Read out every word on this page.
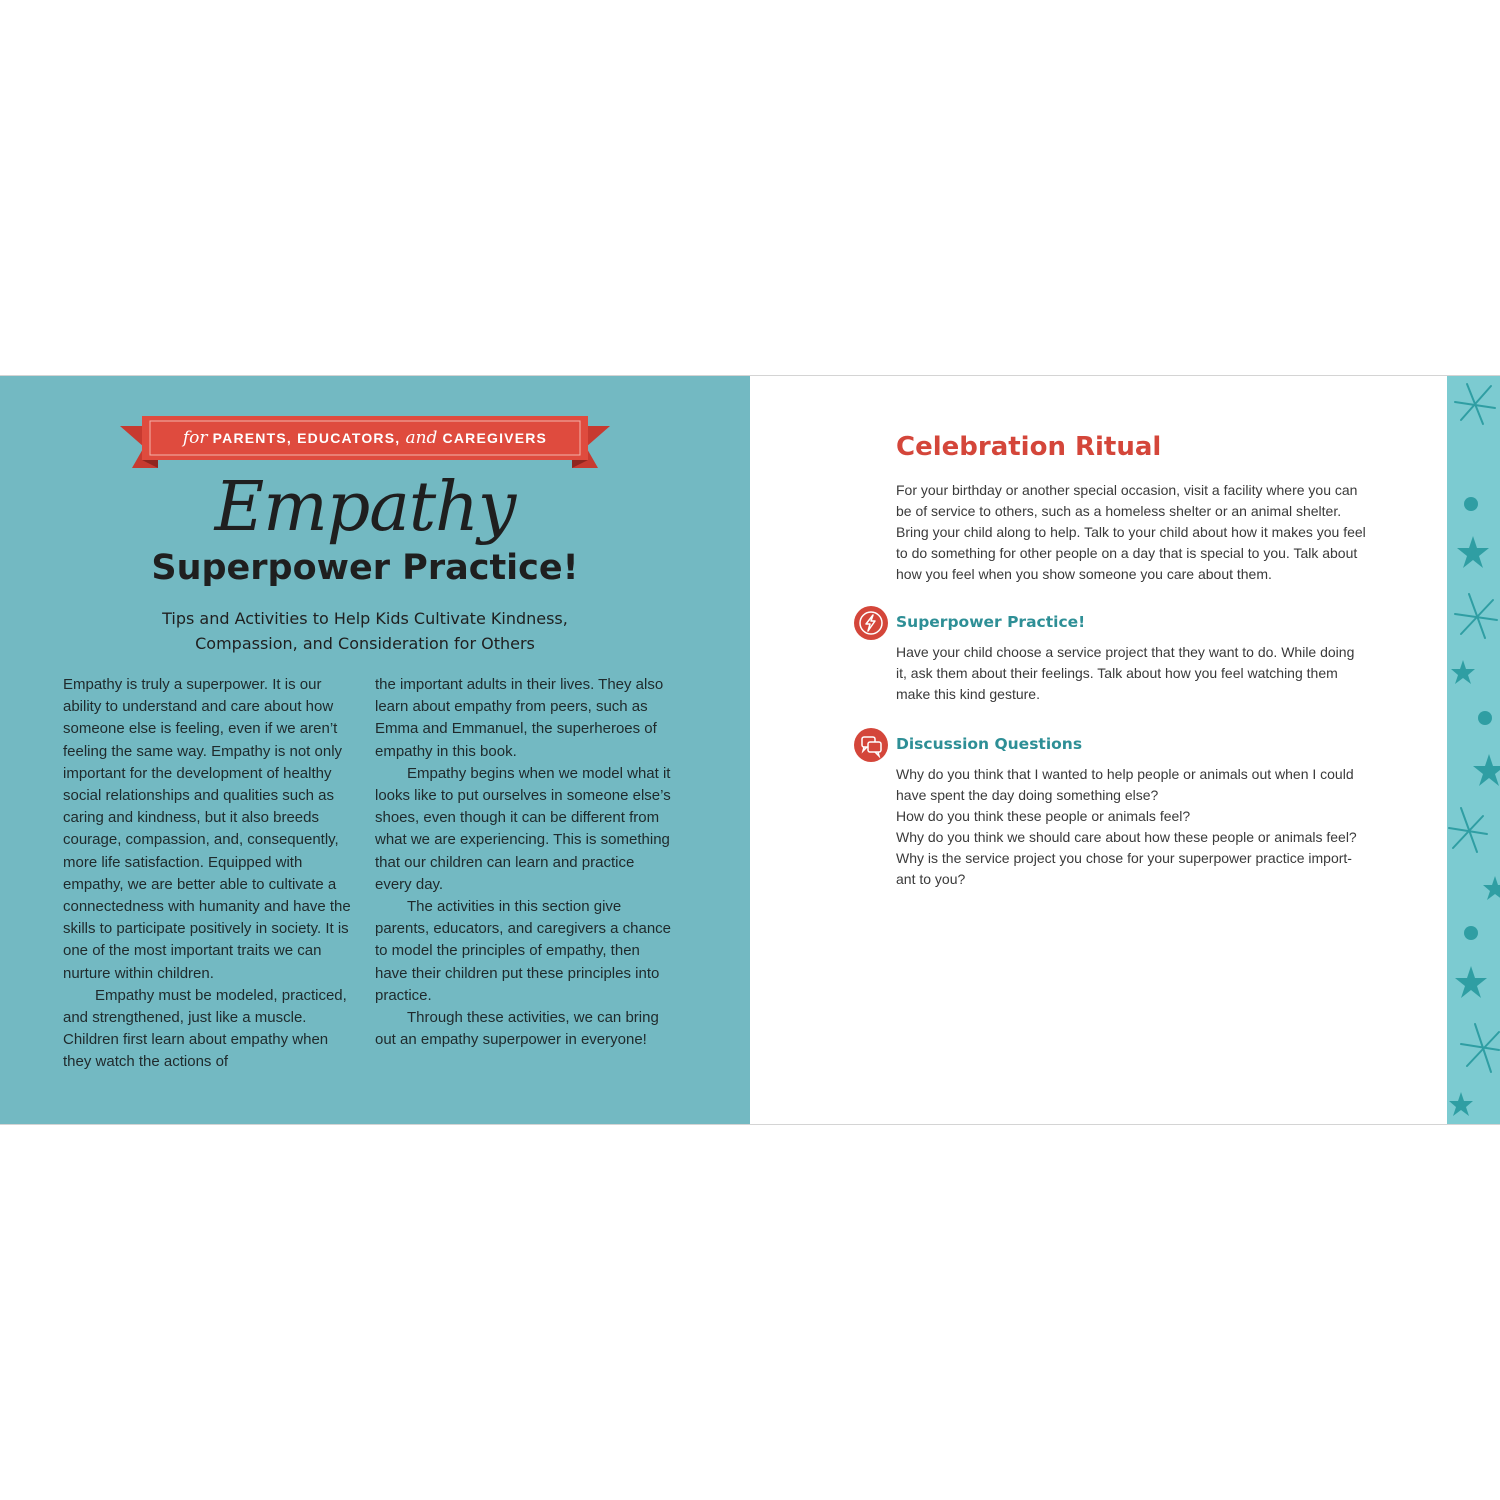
for PARENTS, EDUCATORS, and CAREGIVERS
Empathy
Superpower Practice!
Tips and Activities to Help Kids Cultivate Kindness,
Compassion, and Consideration for Others

Empathy is truly a superpower. It is our ability to understand and care about how someone else is feeling, even if we aren’t feeling the same way. Empathy is not only important for the development of healthy social relationships and qualities such as caring and kindness, but it also breeds courage, compassion, and, consequently, more life satisfaction. Equipped with empathy, we are better able to cultivate a connectedness with humanity and have the skills to participate positively in society. It is one of the most important traits we can nurture within children.

Empathy must be modeled, practiced, and strengthened, just like a muscle. Children first learn about empathy when they watch the actions of

the important adults in their lives. They also learn about empathy from peers, such as Emma and Emmanuel, the superheroes of empathy in this book.

Empathy begins when we model what it looks like to put ourselves in someone else’s shoes, even though it can be different from what we are experiencing. This is something that our children can learn and practice every day.

The activities in this section give parents, educators, and caregivers a chance to model the principles of empathy, then have their children put these principles into practice.

Through these activities, we can bring out an empathy superpower in everyone!

Celebration Ritual

For your birthday or another special occasion, visit a facility where you can be of service to others, such as a homeless shelter or an animal shelter. Bring your child along to help. Talk to your child about how it makes you feel to do something for other people on a day that is special to you. Talk about how you feel when you show someone you care about them.

Superpower Practice!

Have your child choose a service project that they want to do. While doing it, ask them about their feelings. Talk about how you feel watching them make this kind gesture.

Discussion Questions

Why do you think that I wanted to help people or animals out when I could have spent the day doing something else?

How do you think these people or animals feel?

Why do you think we should care about how these people or animals feel?

Why is the service project you chose for your superpower practice import-ant to you?
